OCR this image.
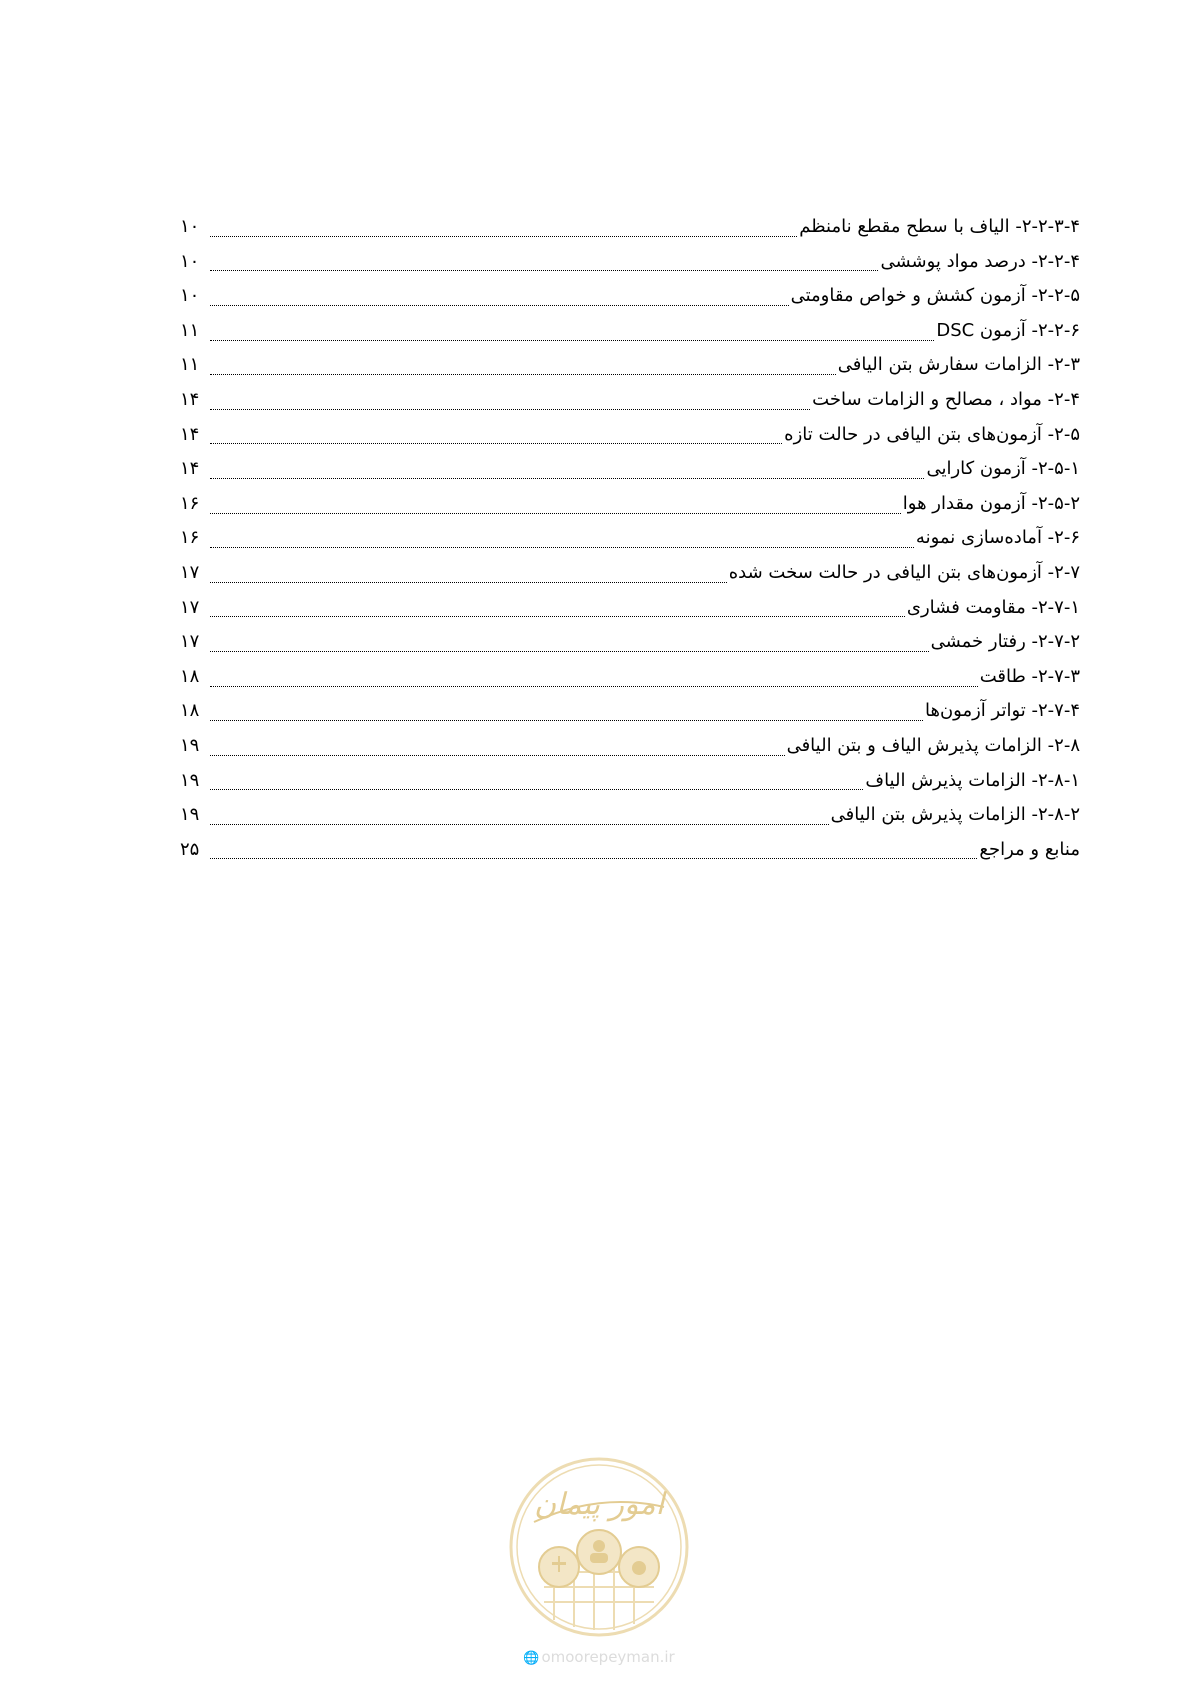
۲-۲-۳-۴- الیاف با سطح مقطع نامنظم
۱۰
۲-۲-۴- درصد مواد پوششی
۱۰
۲-۲-۵- آزمون کشش و خواص مقاومتی
۱۰
۲-۲-۶- آزمون DSC
۱۱
۲-۳- الزامات سفارش بتن الیافی
۱۱
۲-۴- مواد ، مصالح و الزامات ساخت
۱۴
۲-۵- آزمون‌های بتن الیافی در حالت تازه
۱۴
۲-۵-۱- آزمون کارایی
۱۴
۲-۵-۲- آزمون مقدار هوا
۱۶
۲-۶- آماده‌سازی نمونه
۱۶
۲-۷- آزمون‌های بتن الیافی در حالت سخت شده
۱۷
۲-۷-۱- مقاومت فشاری
۱۷
۲-۷-۲- رفتار خمشی
۱۷
۲-۷-۳- طاقت
۱۸
۲-۷-۴- تواتر آزمون‌ها
۱۸
۲-۸- الزامات پذیرش الیاف و بتن الیافی
۱۹
۲-۸-۱- الزامات پذیرش الیاف
۱۹
۲-۸-۲- الزامات پذیرش بتن الیافی
۱۹
منابع و مراجع
۲۵
امور پیمان
🌐 omoorepeyman.ir
